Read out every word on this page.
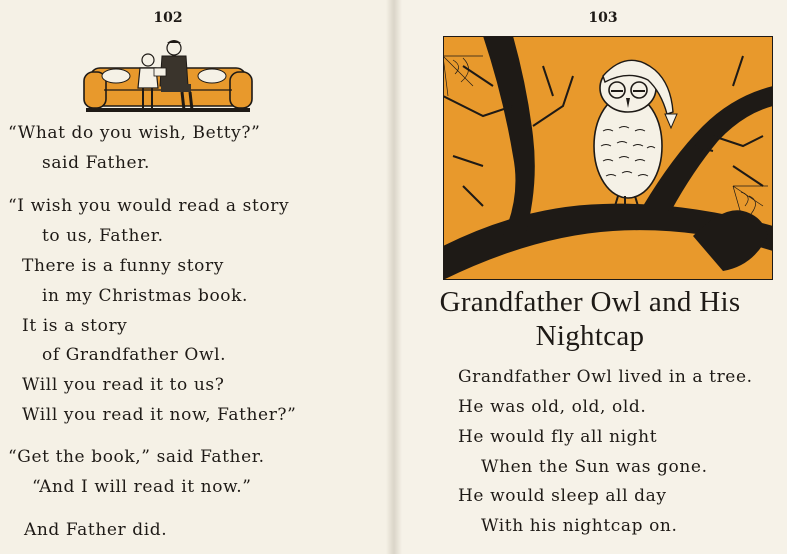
102
“What do you wish, Betty?”
said Father.
“I wish you would read a story
to us, Father.
There is a funny story
in my Christmas book.
It is a story
of Grandfather Owl.
Will you read it to us?
Will you read it now, Father?”
“Get the book,” said Father.
“And I will read it now.”
And Father did.
103
Grandfather Owl and His
Nightcap
Grandfather Owl lived in a tree.
He was old, old, old.
He would fly all night
When the Sun was gone.
He would sleep all day
With his nightcap on.
